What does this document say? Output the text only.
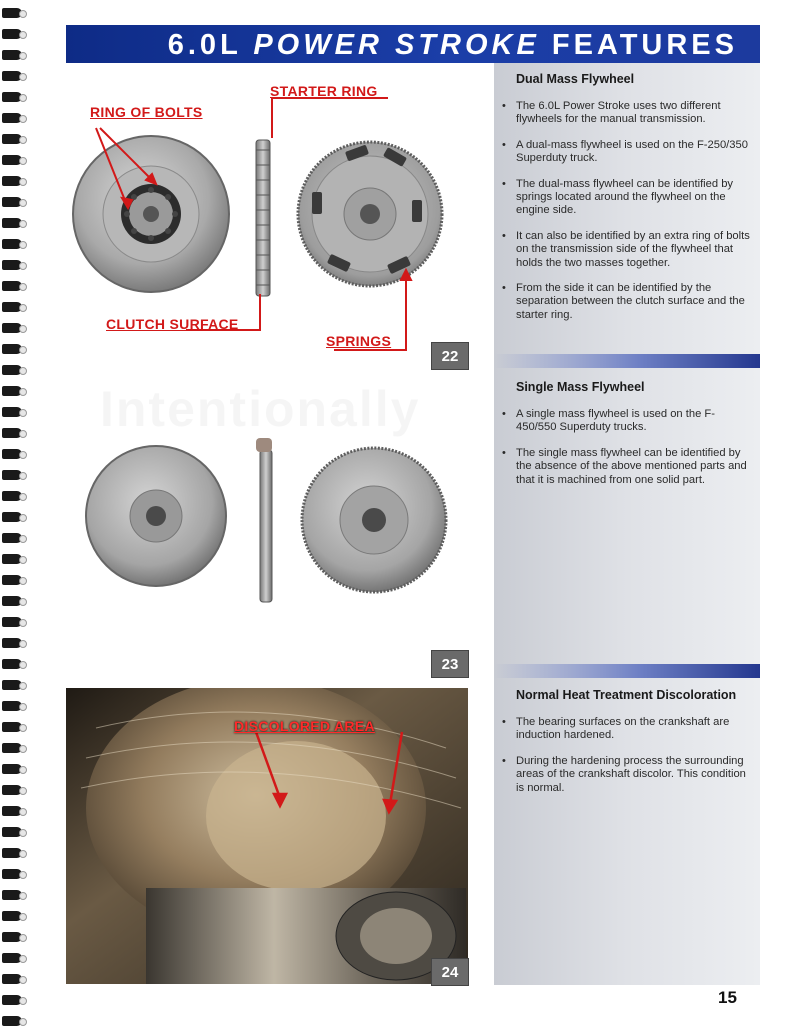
6.0L POWER STROKE FEATURES
Dual Mass Flywheel
• The 6.0L Power Stroke uses two different flywheels for the manual transmission.
• A dual-mass flywheel is used on the F-250/350 Superduty truck.
• The dual-mass flywheel can be identified by springs located around the flywheel on the engine side.
• It can also be identified by an extra ring of bolts on the transmission side of the flywheel that holds the two masses together.
• From the side it can be identified by the separation between the clutch surface and the starter ring.
Single Mass Flywheel
• A single mass flywheel is used on the F-450/550 Superduty trucks.
• The single mass flywheel can be identified by the absence of the above mentioned parts and that it is machined from one solid part.
Normal Heat Treatment Discoloration
• The bearing surfaces on the crankshaft are induction hardened.
• During the hardening process the surrounding areas of the crankshaft discolor. This condition is normal.
RING OF BOLTS
STARTER RING
CLUTCH SURFACE
SPRINGS
22
23
DISCOLORED AREA
24
15
